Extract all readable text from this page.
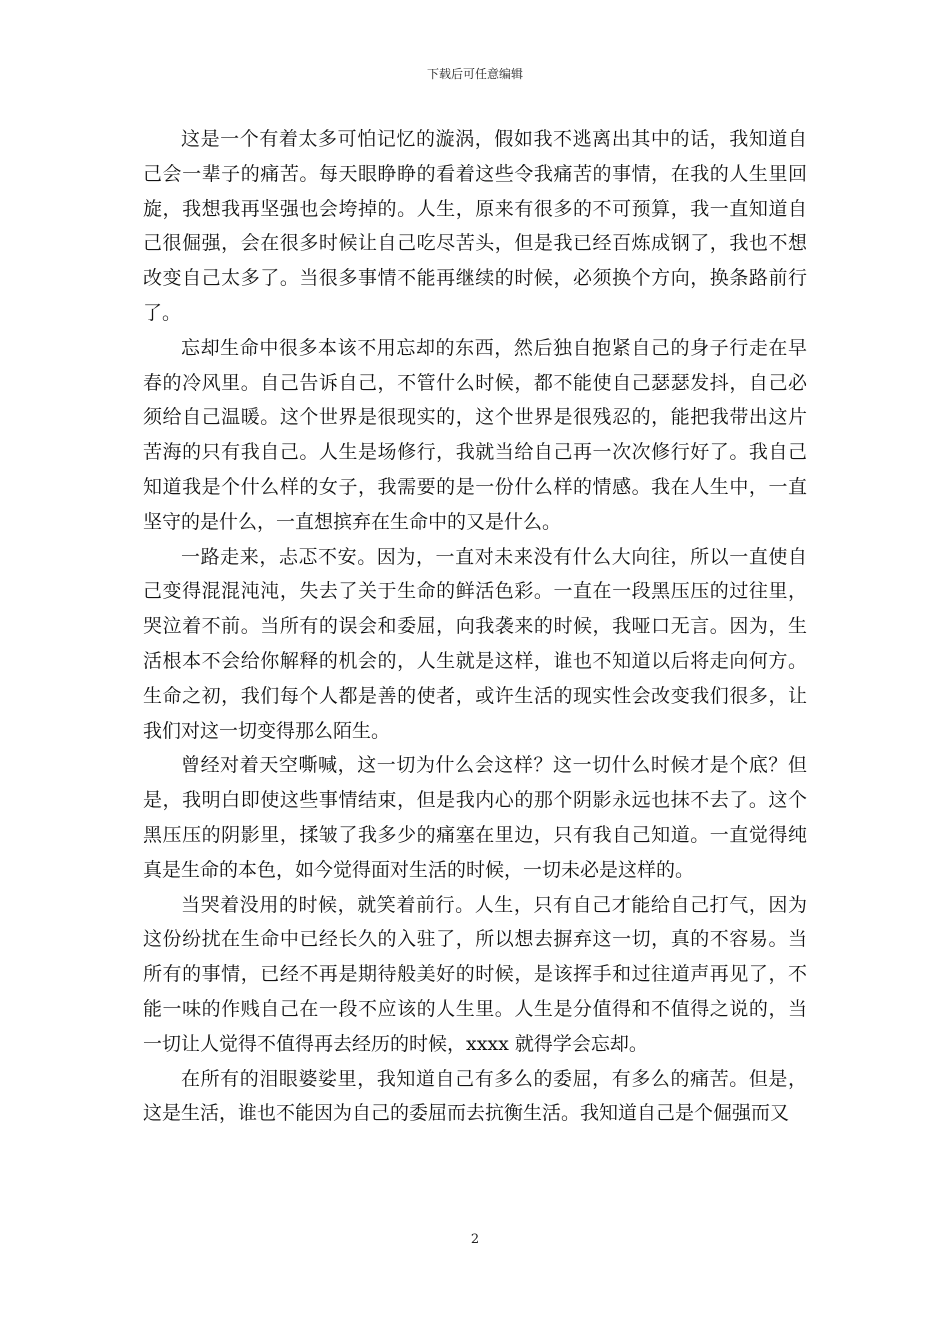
下载后可任意编辑

这是一个有着太多可怕记忆的漩涡，假如我不逃离出其中的话，我知道自己会一辈子的痛苦。每天眼睁睁的看着这些令我痛苦的事情，在我的人生里回旋，我想我再坚强也会垮掉的。人生，原来有很多的不可预算，我一直知道自己很倔强，会在很多时候让自己吃尽苦头，但是我已经百炼成钢了，我也不想改变自己太多了。当很多事情不能再继续的时候，必须换个方向，换条路前行了。

忘却生命中很多本该不用忘却的东西，然后独自抱紧自己的身子行走在早春的冷风里。自己告诉自己，不管什么时候，都不能使自己瑟瑟发抖，自己必须给自己温暖。这个世界是很现实的，这个世界是很残忍的，能把我带出这片苦海的只有我自己。人生是场修行，我就当给自己再一次次修行好了。我自己知道我是个什么样的女子，我需要的是一份什么样的情感。我在人生中，一直坚守的是什么，一直想摈弃在生命中的又是什么。

一路走来，忐忑不安。因为，一直对未来没有什么大向往，所以一直使自己变得混混沌沌，失去了关于生命的鲜活色彩。一直在一段黑压压的过往里，哭泣着不前。当所有的误会和委屈，向我袭来的时候，我哑口无言。因为，生活根本不会给你解释的机会的，人生就是这样，谁也不知道以后将走向何方。生命之初，我们每个人都是善的使者，或许生活的现实性会改变我们很多，让我们对这一切变得那么陌生。

曾经对着天空嘶喊，这一切为什么会这样？这一切什么时候才是个底？但是，我明白即使这些事情结束，但是我内心的那个阴影永远也抹不去了。这个黑压压的阴影里，揉皱了我多少的痛塞在里边，只有我自己知道。一直觉得纯真是生命的本色，如今觉得面对生活的时候，一切未必是这样的。

当哭着没用的时候，就笑着前行。人生，只有自己才能给自己打气，因为这份纷扰在生命中已经长久的入驻了，所以想去摒弃这一切，真的不容易。当所有的事情，已经不再是期待般美好的时候，是该挥手和过往道声再见了，不能一味的作贱自己在一段不应该的人生里。人生是分值得和不值得之说的，当一切让人觉得不值得再去经历的时候，xxxx 就得学会忘却。

在所有的泪眼婆娑里，我知道自己有多么的委屈，有多么的痛苦。但是，这是生活，谁也不能因为自己的委屈而去抗衡生活。我知道自己是个倔强而又

2
